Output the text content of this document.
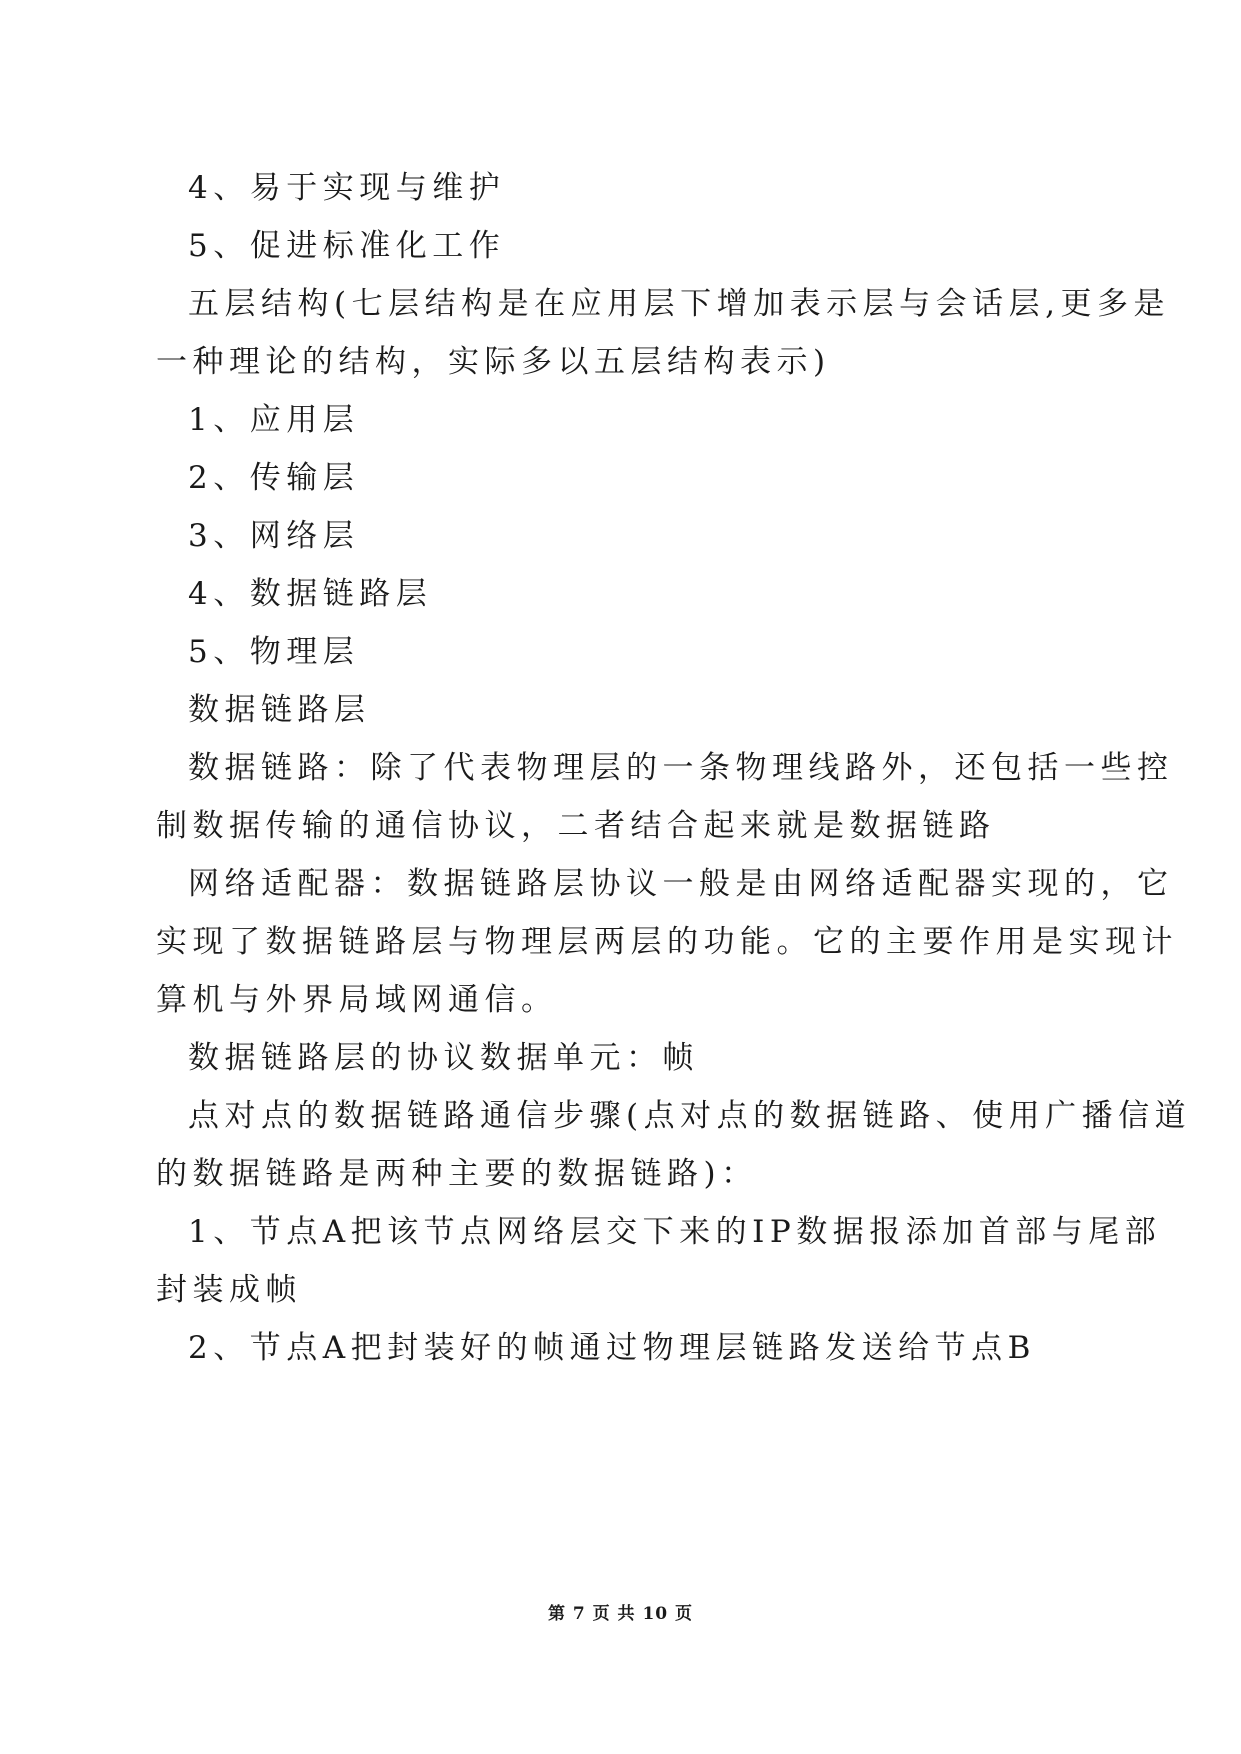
4、易于实现与维护
5、促进标准化工作
五层结构(七层结构是在应用层下增加表示层与会话层,更多是
一种理论的结构，实际多以五层结构表示)
1、应用层
2、传输层
3、网络层
4、数据链路层
5、物理层
数据链路层
数据链路：除了代表物理层的一条物理线路外，还包括一些控
制数据传输的通信协议，二者结合起来就是数据链路
网络适配器：数据链路层协议一般是由网络适配器实现的，它
实现了数据链路层与物理层两层的功能。它的主要作用是实现计
算机与外界局域网通信。
数据链路层的协议数据单元：帧
点对点的数据链路通信步骤(点对点的数据链路、使用广播信道
的数据链路是两种主要的数据链路)：
1、节点A把该节点网络层交下来的IP数据报添加首部与尾部
封装成帧
2、节点A把封装好的帧通过物理层链路发送给节点B
第 7 页 共 10 页
